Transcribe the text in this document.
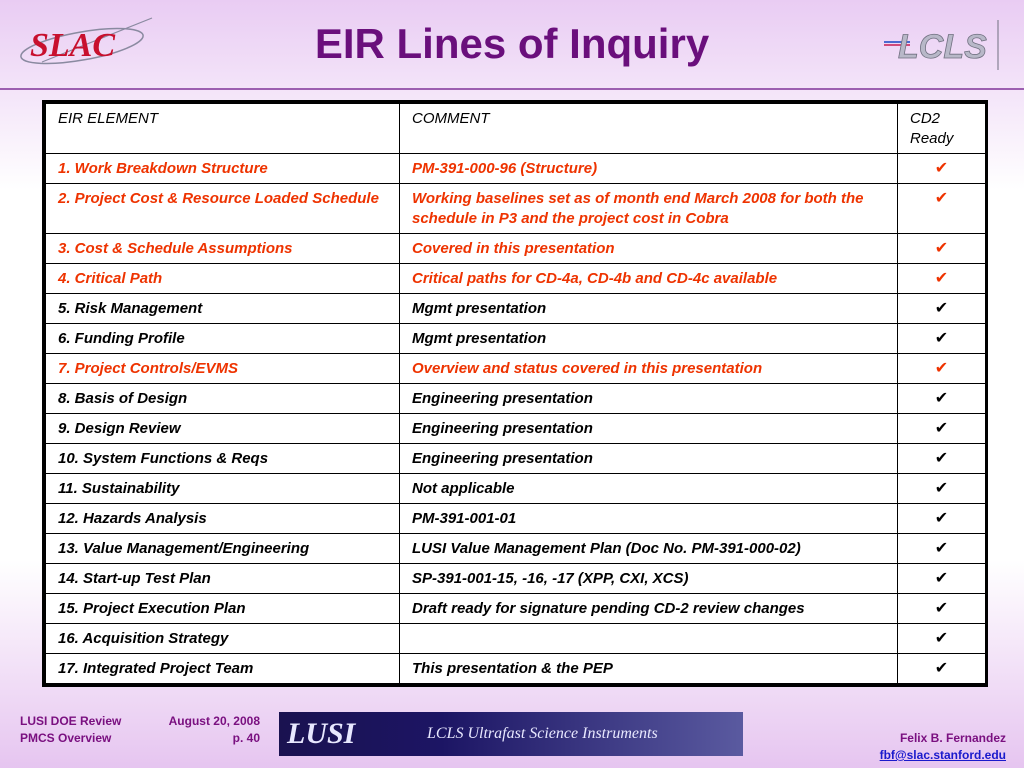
SLAC	EIR Lines of Inquiry	LCLS
EIR ELEMENT	COMMENT	CD2 Ready
1. Work Breakdown Structure	PM-391-000-96 (Structure)	✔
2. Project Cost & Resource Loaded Schedule	Working baselines set as of month end March 2008 for both the schedule in P3 and the project cost in Cobra	✔
3. Cost & Schedule Assumptions	Covered in this presentation	✔
4. Critical Path	Critical paths for CD-4a, CD-4b and CD-4c available	✔
5. Risk Management	Mgmt presentation	✔
6. Funding Profile	Mgmt presentation	✔
7. Project Controls/EVMS	Overview and status covered in this presentation	✔
8. Basis of Design	Engineering presentation	✔
9. Design Review	Engineering presentation	✔
10. System Functions & Reqs	Engineering presentation	✔
11. Sustainability	Not applicable	✔
12. Hazards Analysis	PM-391-001-01	✔
13. Value Management/Engineering	LUSI Value Management Plan (Doc No. PM-391-000-02)	✔
14. Start-up Test Plan	SP-391-001-15, -16, -17 (XPP, CXI, XCS)	✔
15. Project Execution Plan	Draft ready for signature pending CD-2 review changes	✔
16. Acquisition Strategy		✔
17. Integrated Project Team	This presentation & the PEP	✔
LUSI DOE Review	August 20, 2008
PMCS Overview	p. 40 LUSI	LCLS Ultrafast Science Instruments	Felix B. Fernandez
fbf@slac.stanford.edu
